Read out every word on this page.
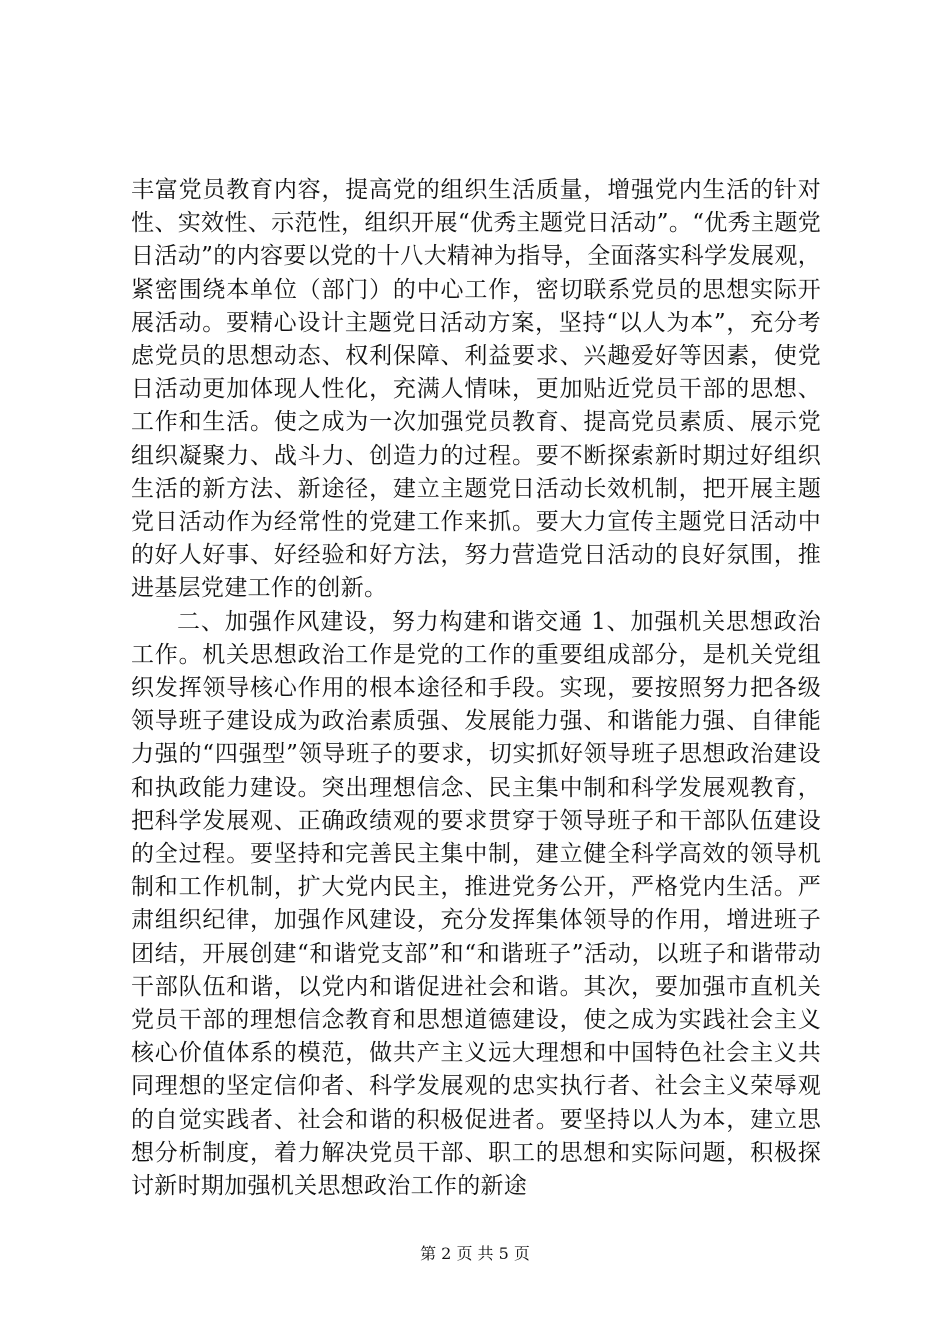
丰富党员教育内容，提高党的组织生活质量，增强党内生活的针对性、实效性、示范性，组织开展“优秀主题党日活动”。“优秀主题党日活动”的内容要以党的十八大精神为指导，全面落实科学发展观，紧密围绕本单位（部门）的中心工作，密切联系党员的思想实际开展活动。要精心设计主题党日活动方案，坚持“以人为本”，充分考虑党员的思想动态、权利保障、利益要求、兴趣爱好等因素，使党日活动更加体现人性化，充满人情味，更加贴近党员干部的思想、工作和生活。使之成为一次加强党员教育、提高党员素质、展示党组织凝聚力、战斗力、创造力的过程。要不断探索新时期过好组织生活的新方法、新途径，建立主题党日活动长效机制，把开展主题党日活动作为经常性的党建工作来抓。要大力宣传主题党日活动中的好人好事、好经验和好方法，努力营造党日活动的良好氛围，推进基层党建工作的创新。

二、加强作风建设，努力构建和谐交通 1、加强机关思想政治工作。机关思想政治工作是党的工作的重要组成部分，是机关党组织发挥领导核心作用的根本途径和手段。实现，要按照努力把各级领导班子建设成为政治素质强、发展能力强、和谐能力强、自律能力强的“四强型”领导班子的要求，切实抓好领导班子思想政治建设和执政能力建设。突出理想信念、民主集中制和科学发展观教育，把科学发展观、正确政绩观的要求贯穿于领导班子和干部队伍建设的全过程。要坚持和完善民主集中制，建立健全科学高效的领导机制和工作机制，扩大党内民主，推进党务公开，严格党内生活。严肃组织纪律，加强作风建设，充分发挥集体领导的作用，增进班子团结，开展创建“和谐党支部”和“和谐班子”活动，以班子和谐带动干部队伍和谐，以党内和谐促进社会和谐。其次，要加强市直机关党员干部的理想信念教育和思想道德建设，使之成为实践社会主义核心价值体系的模范，做共产主义远大理想和中国特色社会主义共同理想的坚定信仰者、科学发展观的忠实执行者、社会主义荣辱观的自觉实践者、社会和谐的积极促进者。要坚持以人为本，建立思想分析制度，着力解决党员干部、职工的思想和实际问题，积极探讨新时期加强机关思想政治工作的新途

第 2 页 共 5 页
